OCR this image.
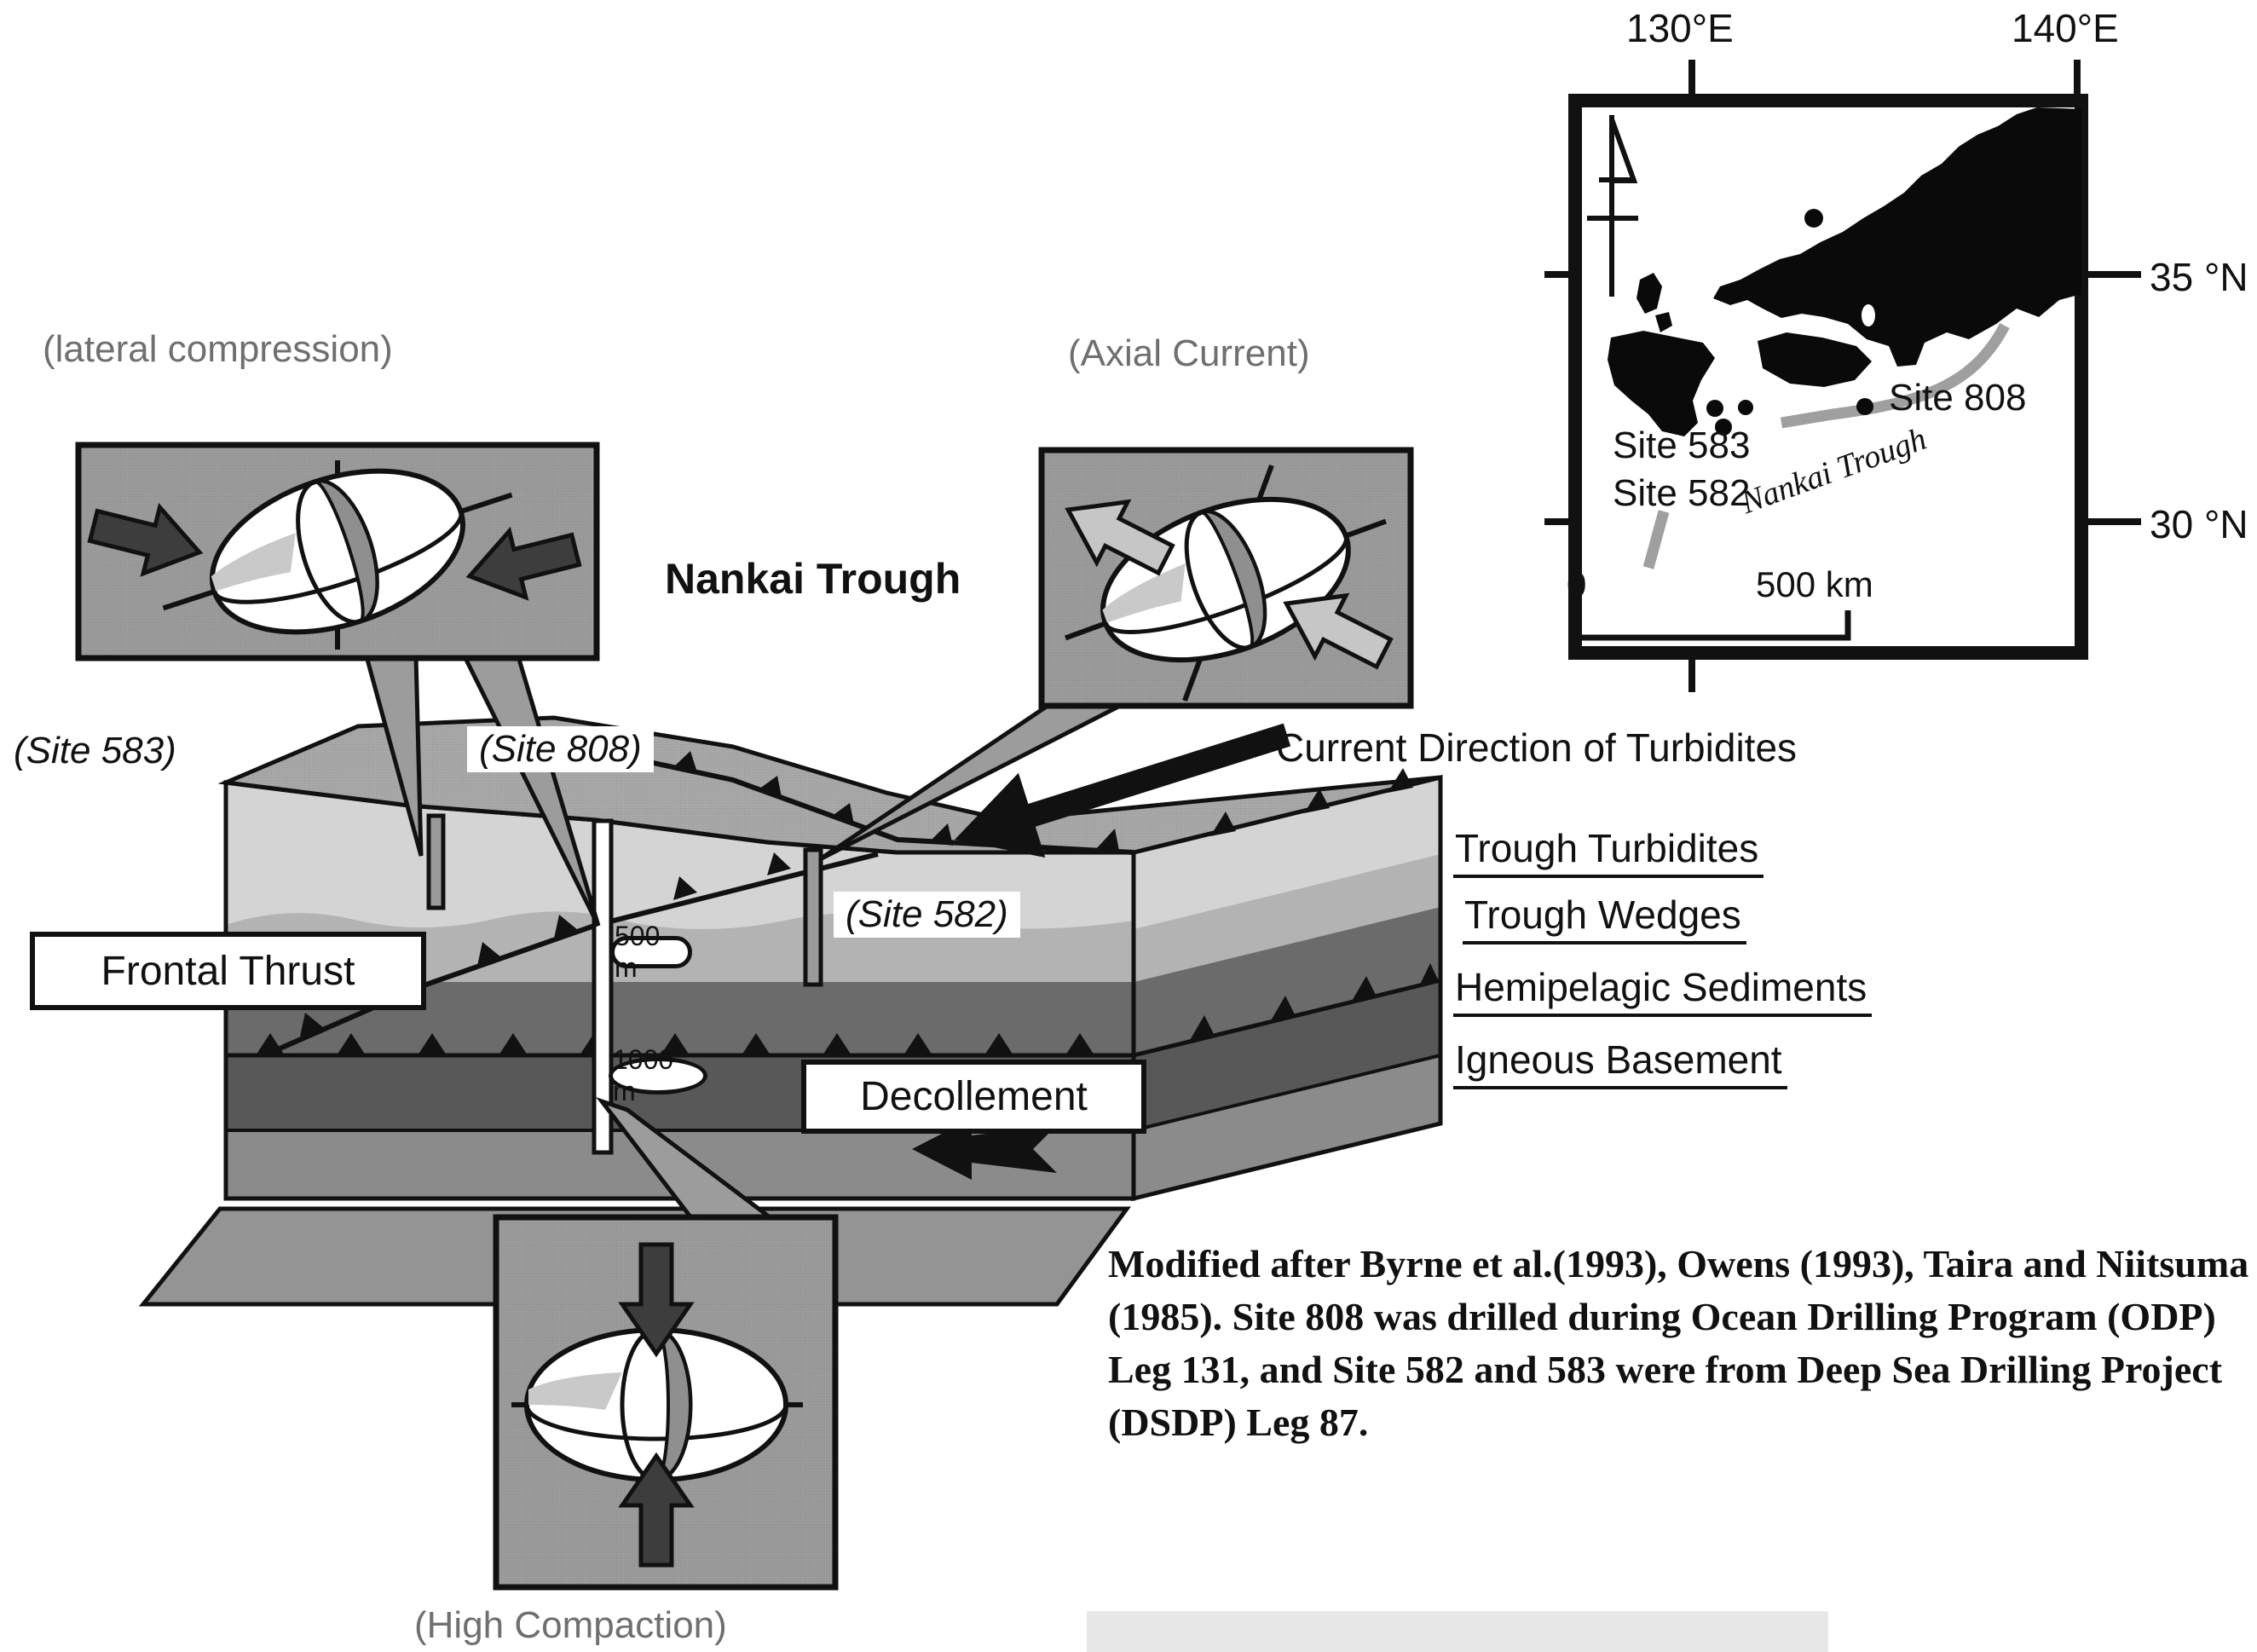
(lateral compression)	(Axial Current)
(High Compaction)
Nankai Trough
Current Direction of Turbidites
(Site 583)	(Site 808)
(Site 582)
Frontal Thrust
Decollement
500 m
1000 m
Trough Turbidites
Trough Wedges
Hemipelagic Sediments
Igneous Basement
Modified after Byrne et al.(1993), Owens (1993), Taira and Niitsuma
(1985). Site 808 was drilled during Ocean Drilling Program (ODP)
Leg 131, and Site 582 and 583 were from Deep Sea Drilling Project
(DSDP) Leg 87.
130°E	140°E
35 °N
30 °N
Site 808
Site 583
Site 582
Nankai Trough
0	500 km
